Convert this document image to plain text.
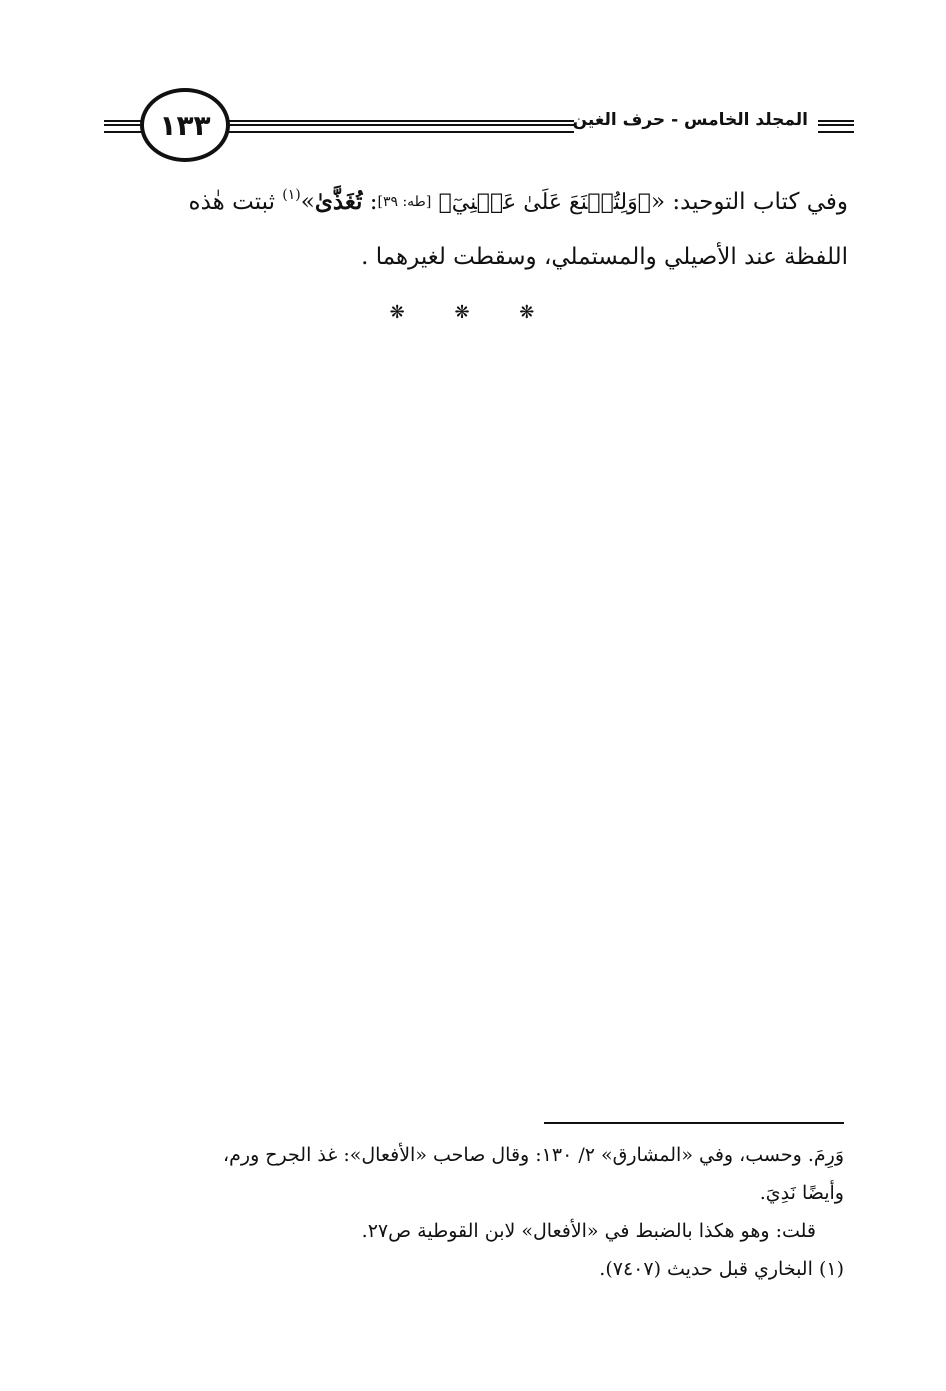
١٣٣	المجلد الخامس - حرف الغين
وفي كتاب التوحيد: «﴿وَلِتُصۡنَعَ عَلَىٰ عَيۡنِيٓ﴾ [طه: ٣٩]: تُغَذَّىٰ»$^{(١)}$ ثبتت هٰذه
اللفظة عند الأصيلي والمستملي، وسقطت لغيرهما .
❋ ❋ ❋
وَرِمَ. وحسب، وفي «المشارق» ٢/ ١٣٠: وقال صاحب «الأفعال»: غذ الجرح ورم،
وأيضًا نَدِيَ.
قلت: وهو هكذا بالضبط في «الأفعال» لابن القوطية ص٢٧.
(١) البخاري قبل حديث (٧٤٠٧).
